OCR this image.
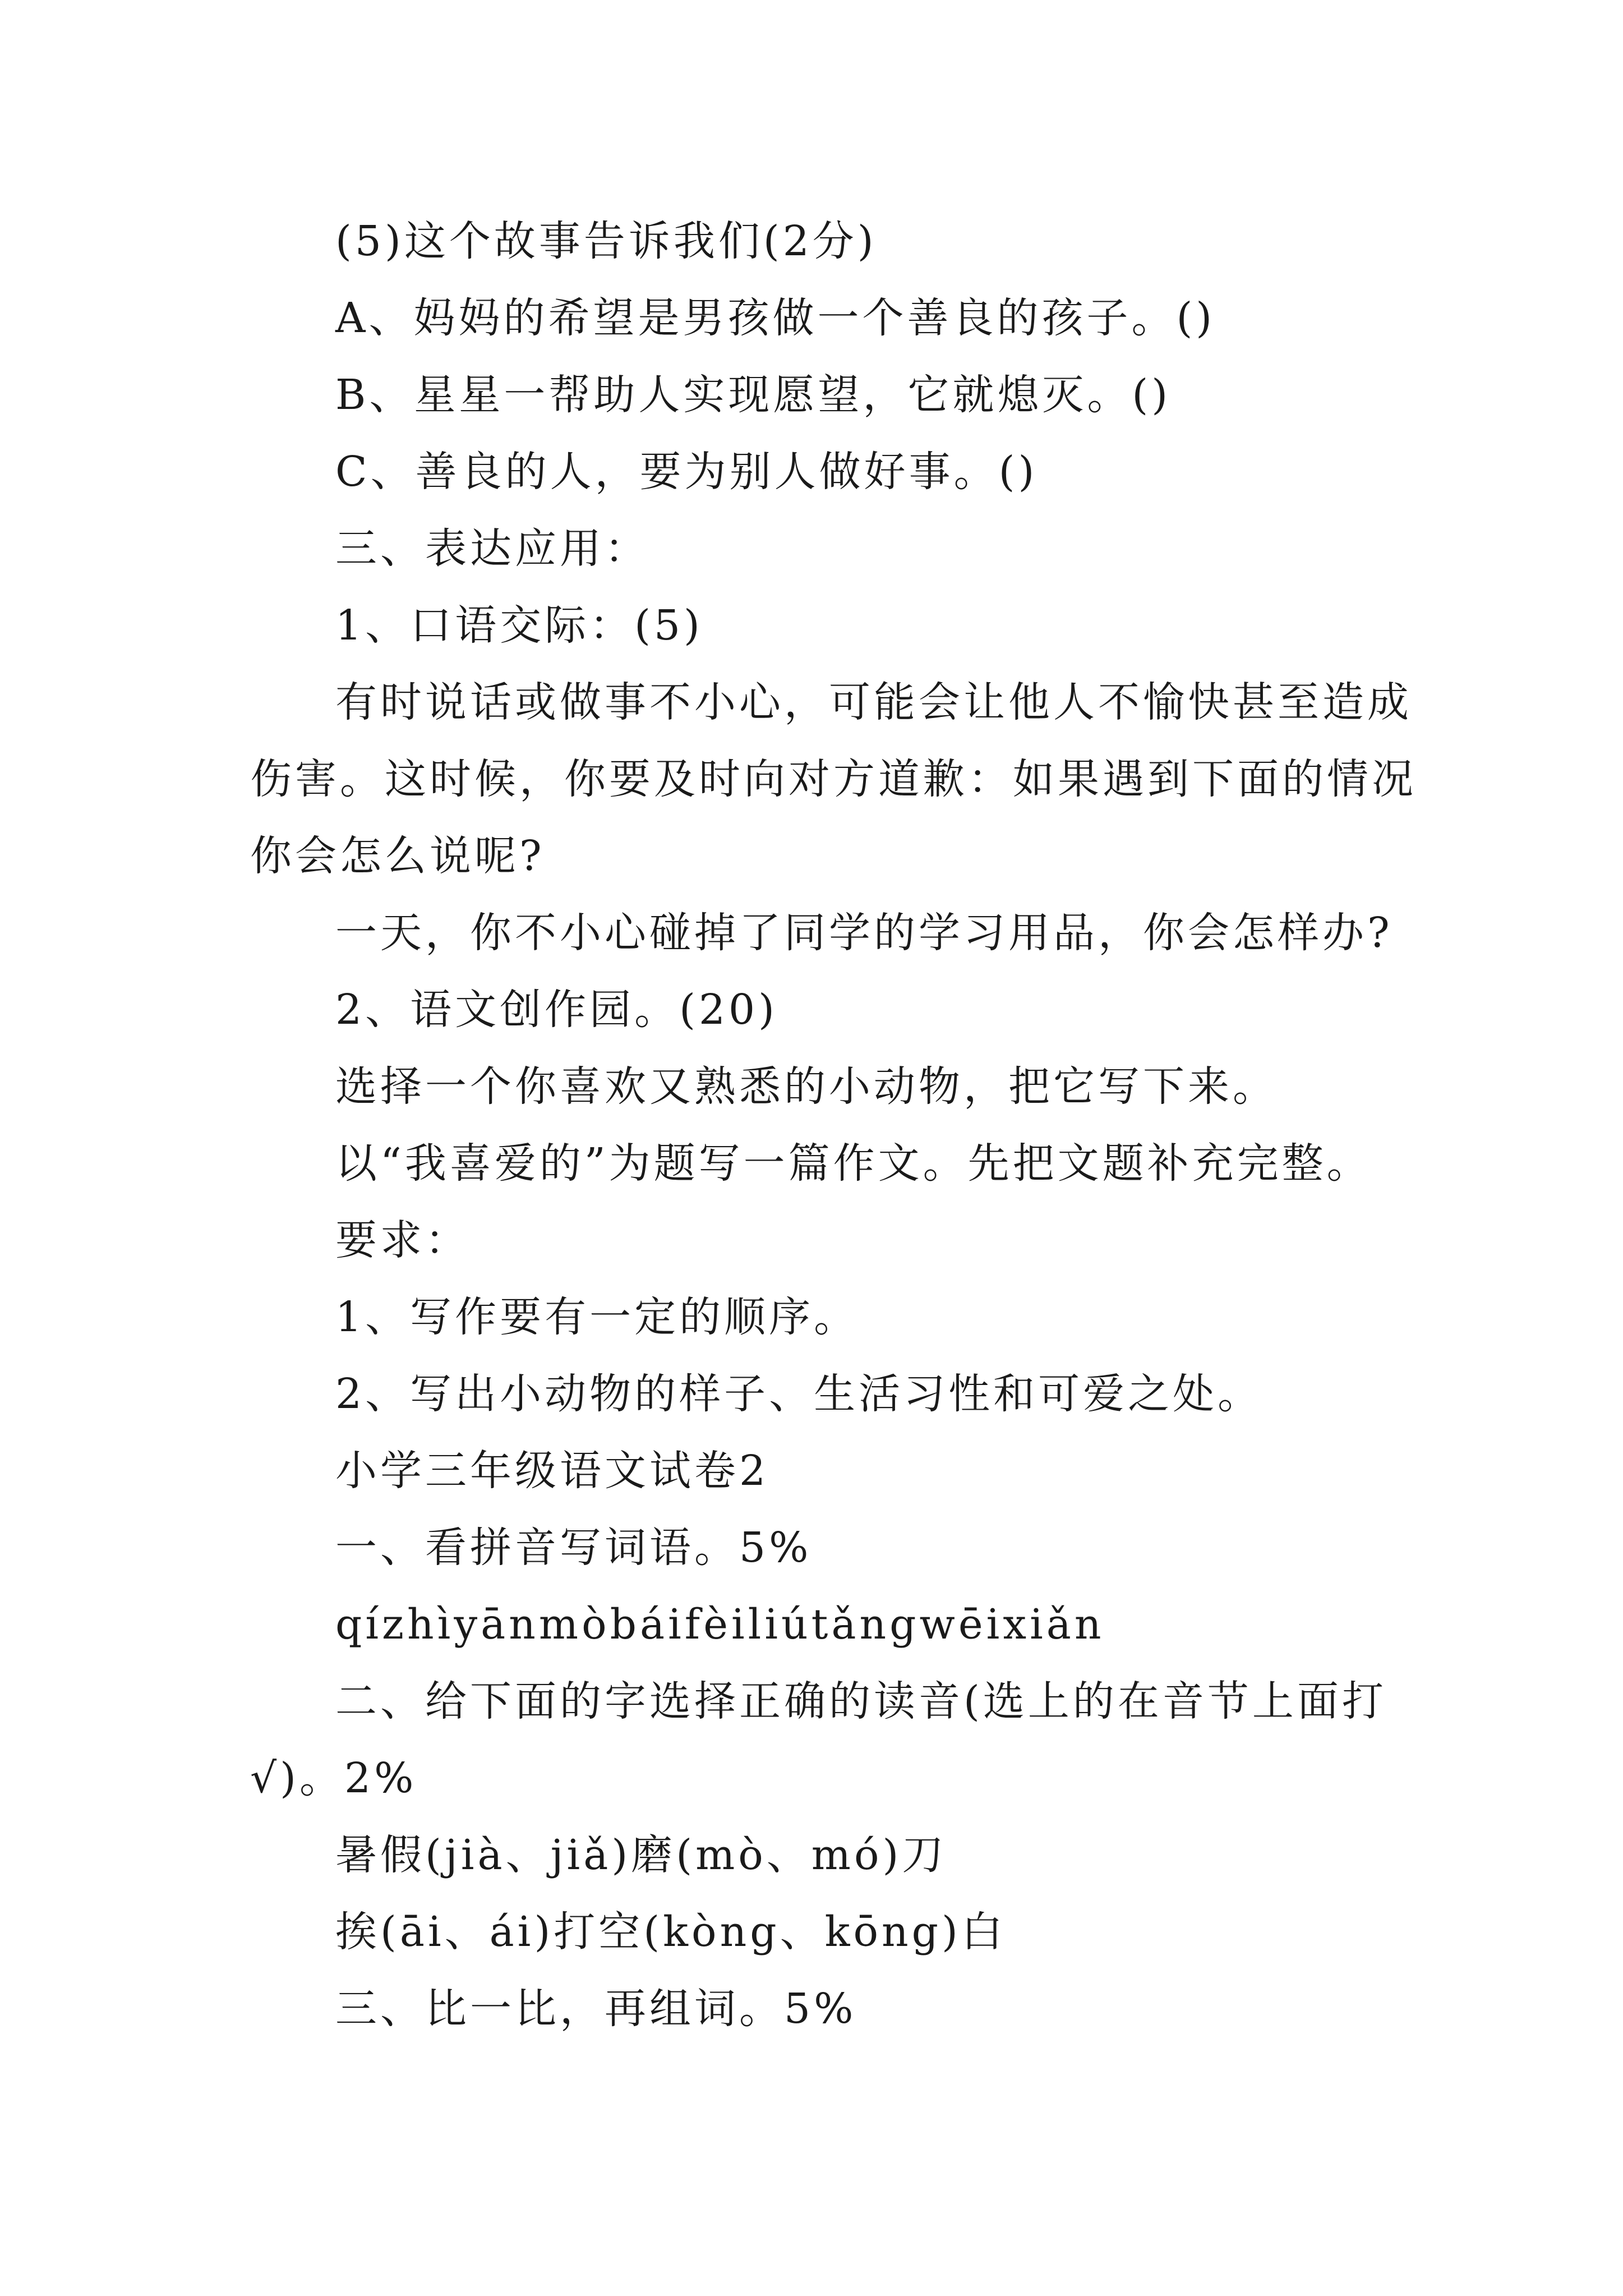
(5)这个故事告诉我们(2分)
A、妈妈的希望是男孩做一个善良的孩子。()
B、星星一帮助人实现愿望，它就熄灭。()
C、善良的人，要为别人做好事。()
三、表达应用：
1、口语交际：(5)
有时说话或做事不小心，可能会让他人不愉快甚至造成
伤害。这时候，你要及时向对方道歉：如果遇到下面的情况
你会怎么说呢?
一天，你不小心碰掉了同学的学习用品，你会怎样办?
2、语文创作园。(20)
选择一个你喜欢又熟悉的小动物，把它写下来。
以“我喜爱的”为题写一篇作文。先把文题补充完整。
要求：
1、写作要有一定的顺序。
2、写出小动物的样子、生活习性和可爱之处。
小学三年级语文试卷2
一、看拼音写词语。5%
qízhìyānmòbáifèiliútǎngwēixiǎn
二、给下面的字选择正确的读音(选上的在音节上面打
√)。2%
暑假(jià、jiǎ)磨(mò、mó)刀
挨(āi、ái)打空(kòng、kōng)白
三、比一比，再组词。5%
